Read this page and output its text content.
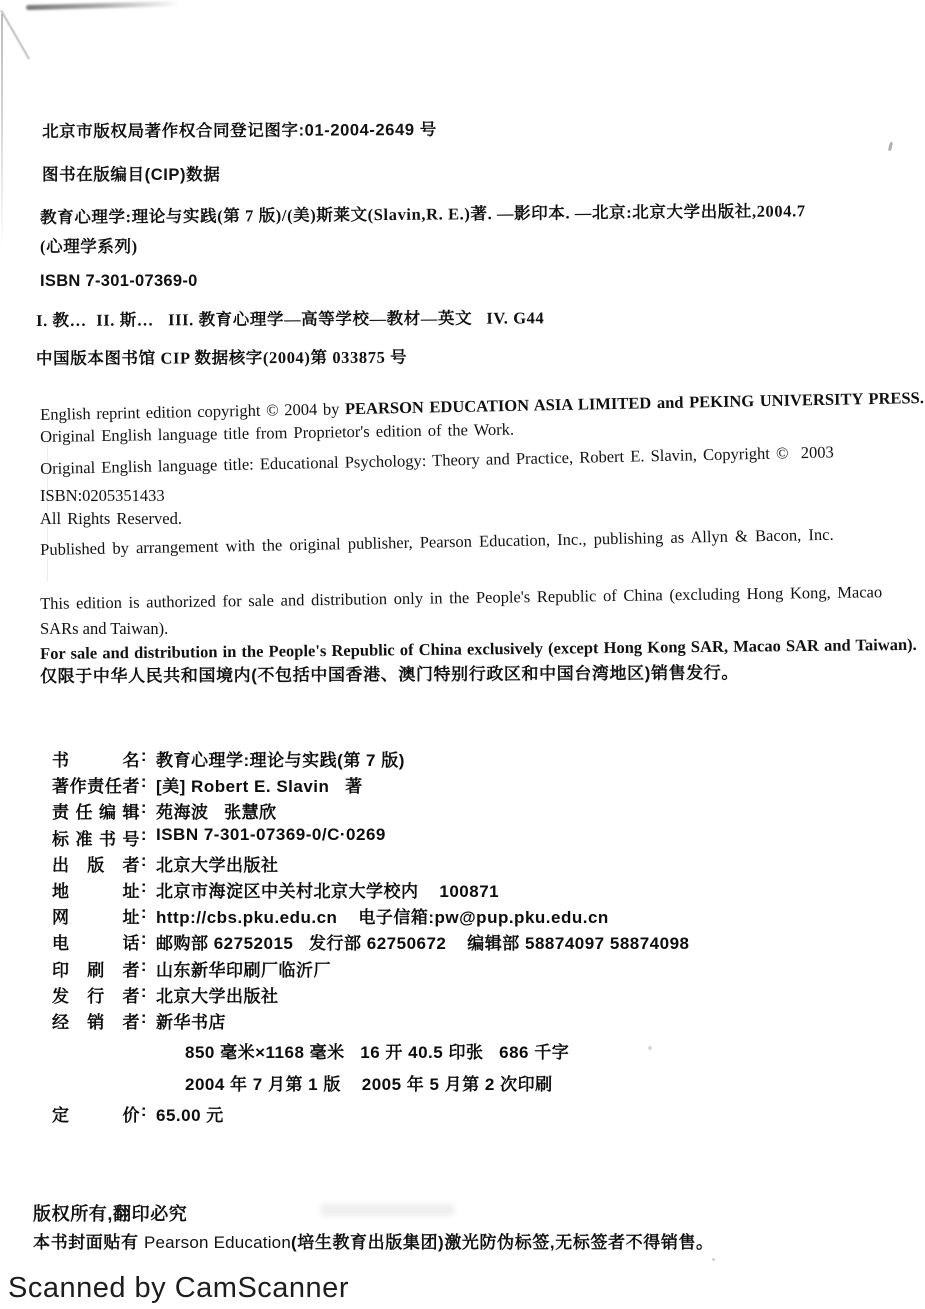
北京市版权局著作权合同登记图字:01-2004-2649 号
图书在版编目(CIP)数据
教育心理学:理论与实践(第 7 版)/(美)斯莱文(Slavin,R. E.)著. —影印本. —北京:北京大学出版社,2004.7
(心理学系列)
ISBN 7-301-07369-0
I. 教…  II. 斯…   III. 教育心理学—高等学校—教材—英文   IV. G44
中国版本图书馆 CIP 数据核字(2004)第 033875 号
English reprint edition copyright © 2004 by PEARSON EDUCATION ASIA LIMITED and PEKING UNIVERSITY PRESS.
Original English language title from Proprietor's edition of the Work.
Original English language title: Educational Psychology: Theory and Practice, Robert E. Slavin, Copyright ©  2003
ISBN:0205351433
All Rights Reserved.
Published by arrangement with the original publisher, Pearson Education, Inc., publishing as Allyn & Bacon, Inc.
This edition is authorized for sale and distribution only in the People's Republic of China (excluding Hong Kong, Macao
SARs and Taiwan).
For sale and distribution in the People's Republic of China exclusively (except Hong Kong SAR, Macao SAR and Taiwan).
仅限于中华人民共和国境内(不包括中国香港、澳门特别行政区和中国台湾地区)销售发行。
书	名 : 教育心理学:理论与实践(第 7 版)
著 作 责 任 者 : [美] Robert E. Slavin   著
责 任 编 辑 : 苑海波   张慧欣
标 准 书 号 : ISBN 7-301-07369-0/C·0269
出 版 者 : 北京大学出版社
地	址 : 北京市海淀区中关村北京大学校内    100871
网	址 : http://cbs.pku.edu.cn    电子信箱:pw@pup.pku.edu.cn
电	话 : 邮购部 62752015   发行部 62750672    编辑部 58874097 58874098
印 刷 者 : 山东新华印刷厂临沂厂
发 行 者 : 北京大学出版社
经 销 者 : 新华书店
850 毫米×1168 毫米   16 开 40.5 印张   686 千字
2004 年 7 月第 1 版    2005 年 5 月第 2 次印刷
定	价 : 65.00 元
版权所有,翻印必究
本书封面贴有 Pearson Education(培生教育出版集团)激光防伪标签,无标签者不得销售。
Scanned by CamScanner
